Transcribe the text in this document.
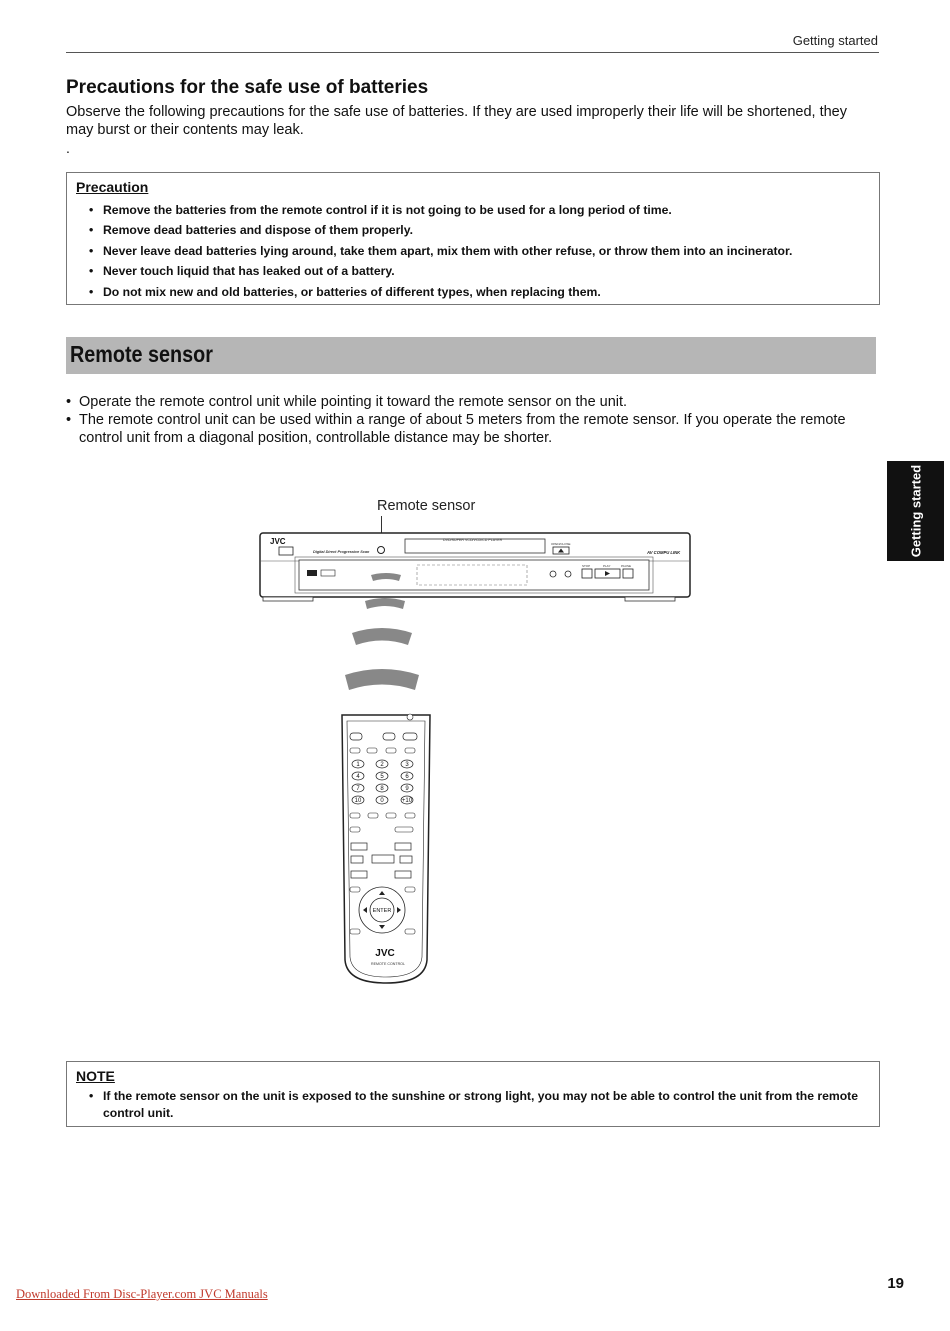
Getting started
Precautions for the safe use of batteries
Observe the following precautions for the safe use of batteries. If they are used improperly their life will be shortened, they may burst or their contents may leak.
.
Precaution
• Remove the batteries from the remote control if it is not going to be used for a long period of time.
• Remove dead batteries and dispose of them properly.
• Never leave dead batteries lying around, take them apart, mix them with other refuse, or throw them into an incinerator.
• Never touch liquid that has leaked out of a battery.
• Do not mix new and old batteries, or batteries of different types, when replacing them.
Remote sensor
• Operate the remote control unit while pointing it toward the remote sensor on the unit.
• The remote control unit can be used within a range of about 5 meters from the remote sensor. If you operate the remote control unit from a diagonal position, controllable distance may be shorter.
Getting started
Remote sensor
JVC	DVD/SUPER VCD/VCD/CD PLAYER
Digital Direct Progressive Scan	AV COMPU LINK
STOP	PLAY	PAUSE
OPEN/CLOSE
1	2	3
4	5	6
7	8	9
10	0	+10
ENTER
JVC
REMOTE CONTROL
NOTE
• If the remote sensor on the unit is exposed to the sunshine or strong light, you may not be able to control the unit from the remote control unit.
19
Downloaded From Disc-Player.com JVC Manuals
